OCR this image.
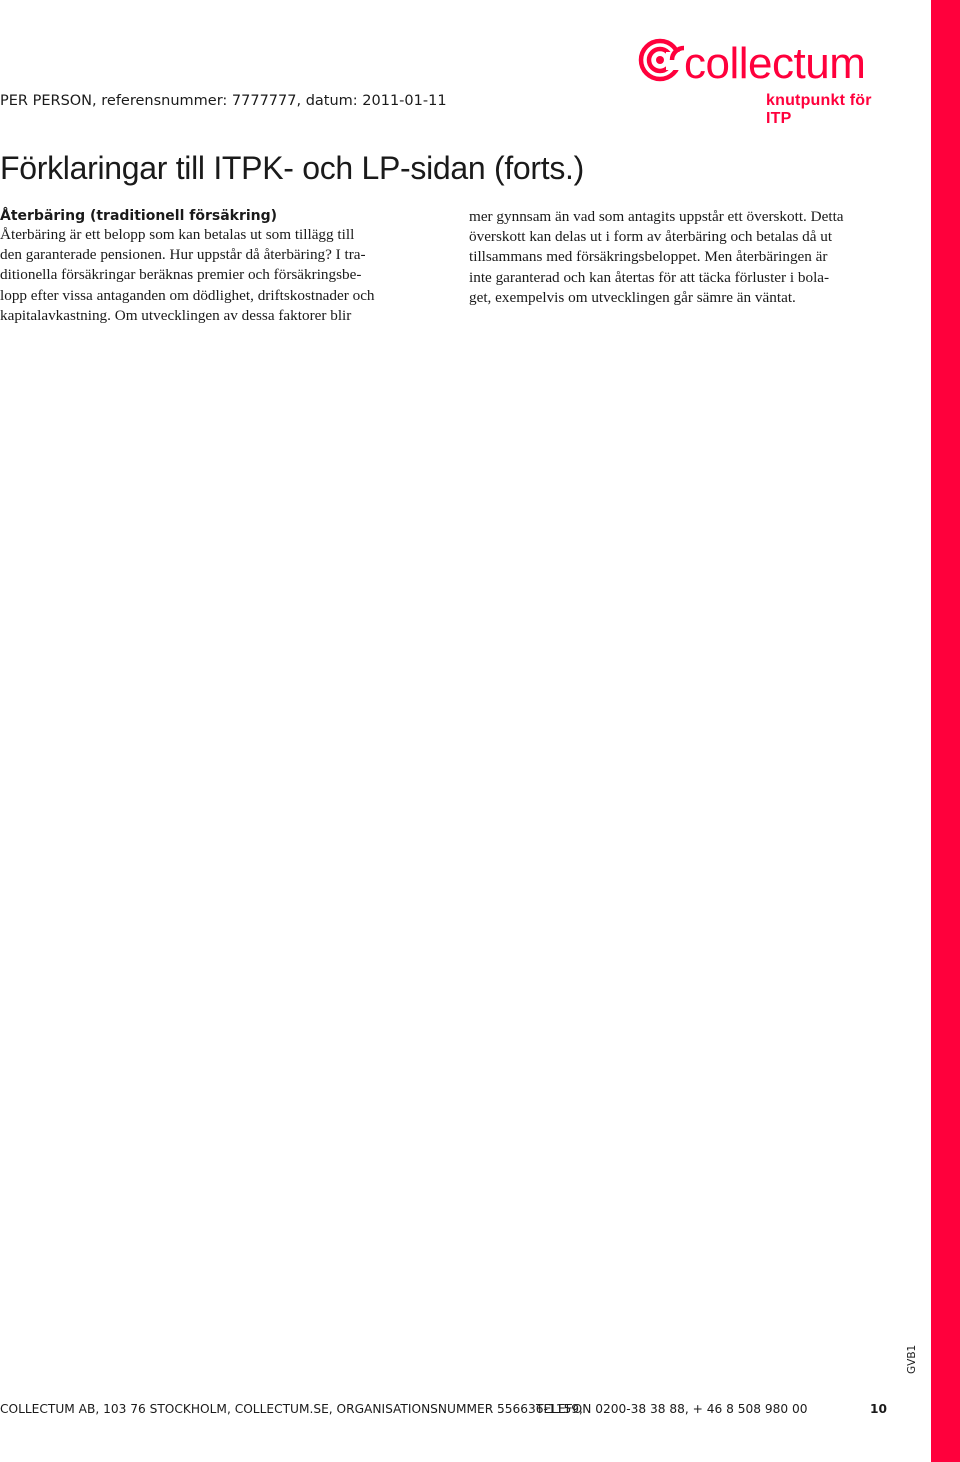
collectum
knutpunkt för ITP
PER PERSON, referensnummer: 7777777, datum: 2011-01-11
Förklaringar till ITPK- och LP-sidan (forts.)
Återbäring (traditionell försäkring)

Återbäring är ett belopp som kan betalas ut som tillägg till
den garanterade pensionen. Hur uppstår då återbäring? I tra-
ditionella försäkringar beräknas premier och försäkringsbe-
lopp efter vissa antaganden om dödlighet, driftskostnader och
kapitalavkastning. Om utvecklingen av dessa faktorer blir

mer gynnsam än vad som antagits uppstår ett överskott. Detta
överskott kan delas ut i form av återbäring och betalas då ut
tillsammans med försäkringsbeloppet. Men återbäringen är
inte garanterad och kan återtas för att täcka förluster i bola-
get, exempelvis om utvecklingen går sämre än väntat.

GVB1
COLLECTUM AB, 103 76 STOCKHOLM, COLLECTUM.SE, ORGANISATIONSNUMMER 556636-1159,
TELEFON 0200-38 38 88, + 46 8 508 980 00	10
